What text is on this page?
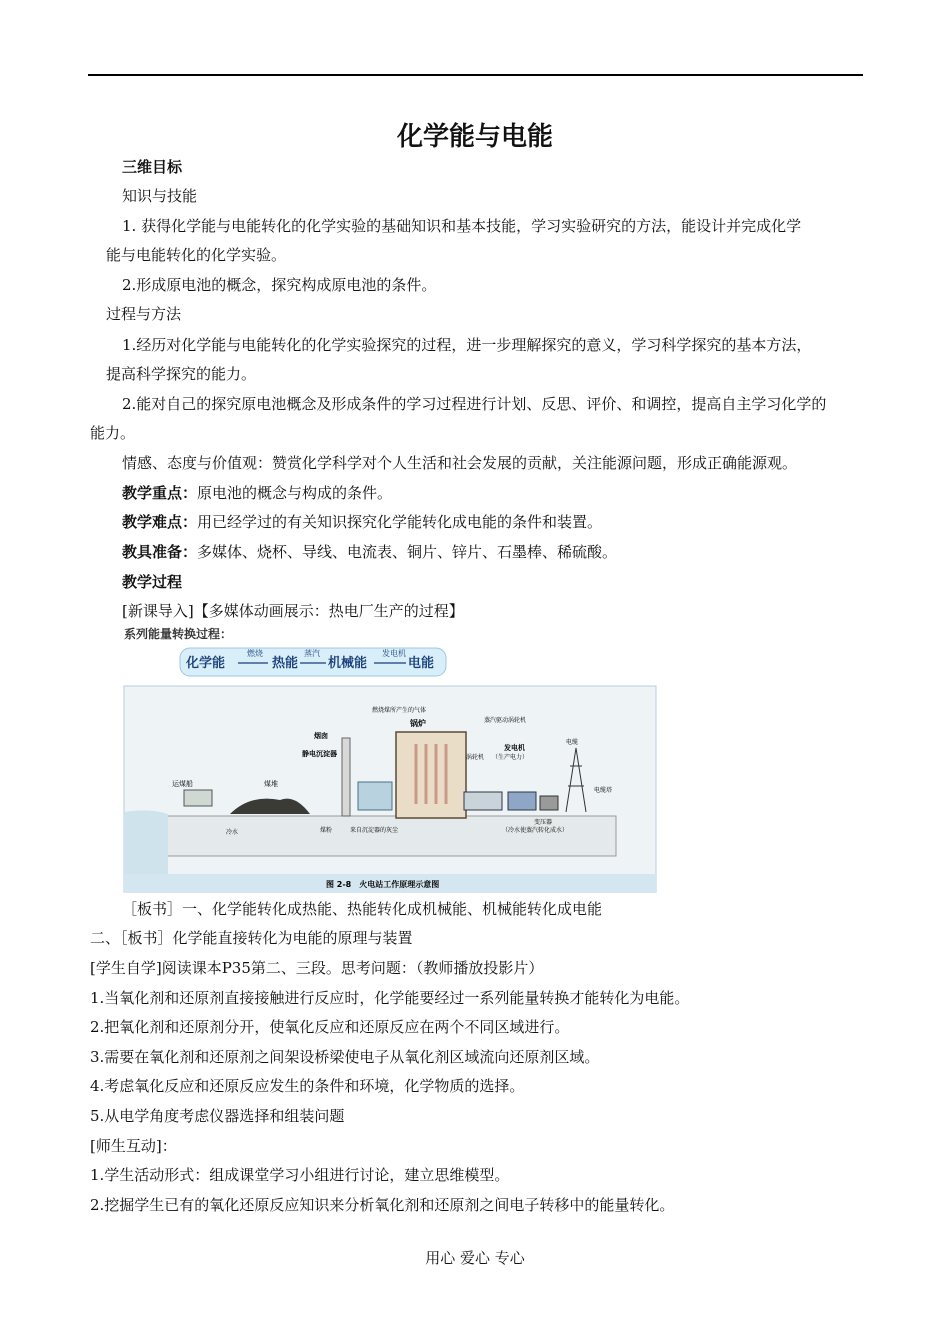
化学能与电能
三维目标
知识与技能
1. 获得化学能与电能转化的化学实验的基础知识和基本技能，学习实验研究的方法，能设计并完成化学
能与电能转化的化学实验。
2.形成原电池的概念，探究构成原电池的条件。
过程与方法
1.经历对化学能与电能转化的化学实验探究的过程，进一步理解探究的意义，学习科学探究的基本方法，
提高科学探究的能力。
2.能对自己的探究原电池概念及形成条件的学习过程进行计划、反思、评价、和调控，提高自主学习化学的
能力。
情感、态度与价值观：赞赏化学科学对个人生活和社会发展的贡献，关注能源问题，形成正确能源观。
教学重点：原电池的概念与构成的条件。
教学难点：用已经学过的有关知识探究化学能转化成电能的条件和装置。
教具准备：多媒体、烧杯、导线、电流表、铜片、锌片、石墨棒、稀硫酸。
教学过程
[新课导入]【多媒体动画展示：热电厂生产的过程】
系列能量转换过程：
化学能
燃烧
热能
蒸汽
机械能
发电机
电能
运煤船	煤堆
烟囱
静电沉淀器
锅炉
燃烧煤所产生的气体
蒸汽驱动涡轮机
涡轮机
发电机
（生产电力）
变压器
电缆塔
电缆
冷水	煤粉	来自沉淀器的灰尘	（冷水使蒸汽转化成水）
图 2-8　火电站工作原理示意图
［板书］一、化学能转化成热能、热能转化成机械能、机械能转化成电能
二、［板书］化学能直接转化为电能的原理与装置
[学生自学]阅读课本P35第二、三段。思考问题：（教师播放投影片）
1.当氧化剂和还原剂直接接触进行反应时，化学能要经过一系列能量转换才能转化为电能。
2.把氧化剂和还原剂分开，使氧化反应和还原反应在两个不同区域进行。
3.需要在氧化剂和还原剂之间架设桥梁使电子从氧化剂区域流向还原剂区域。
4.考虑氧化反应和还原反应发生的条件和环境，化学物质的选择。
5.从电学角度考虑仪器选择和组装问题
[师生互动]：
1.学生活动形式：组成课堂学习小组进行讨论，建立思维模型。
2.挖掘学生已有的氧化还原反应知识来分析氧化剂和还原剂之间电子转移中的能量转化。
用心 爱心 专心
